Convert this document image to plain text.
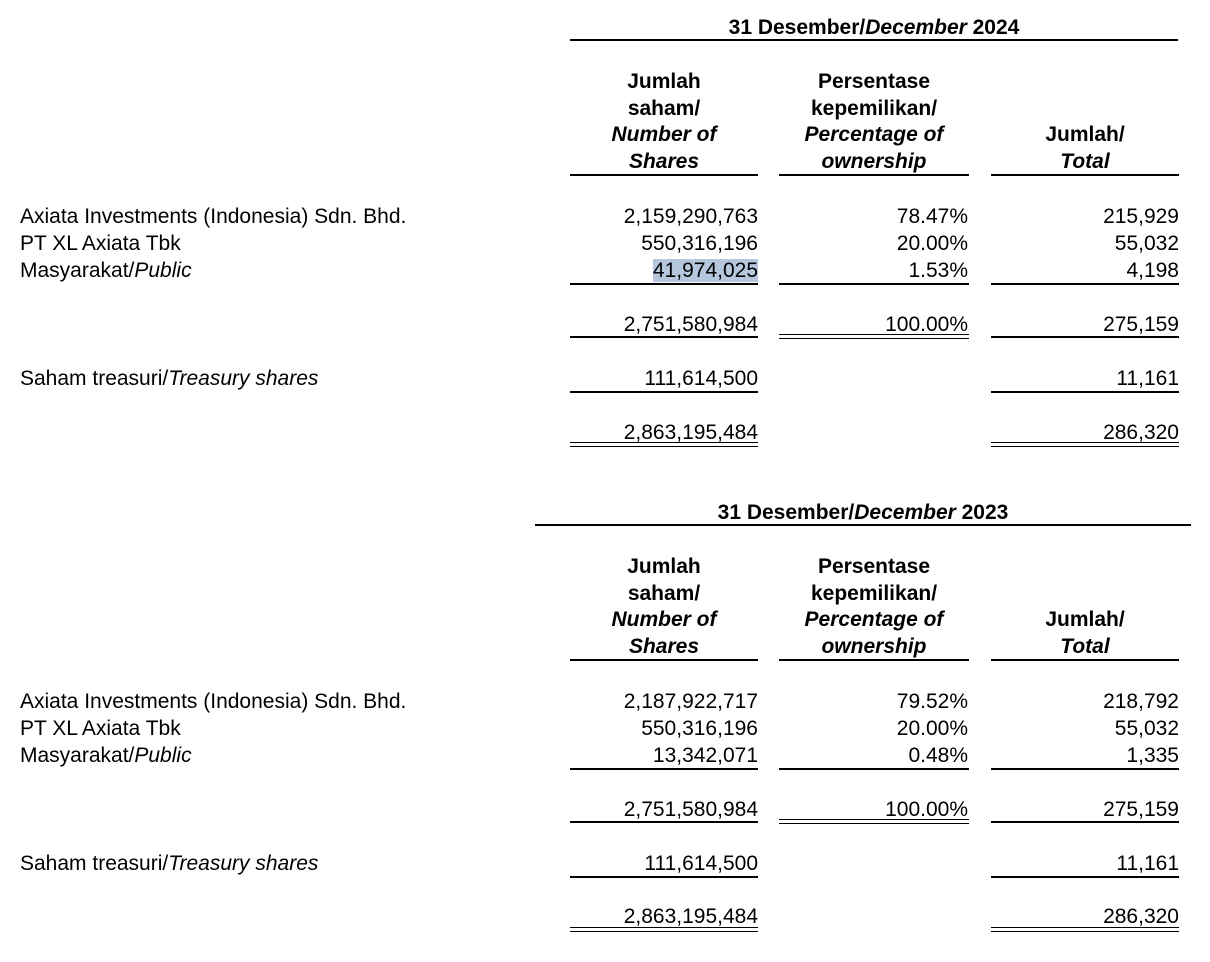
31 Desember/December 2024
Jumlah
saham/
Number of
Shares
Persentase
kepemilikan/
Percentage of
ownership
Jumlah/
Total
Axiata Investments (Indonesia) Sdn. Bhd.	2,159,290,763	78.47%	215,929
PT XL Axiata Tbk	550,316,196	20.00%	55,032
Masyarakat/Public	41,974,025	1.53%	4,198
2,751,580,984	100.00%	275,159
Saham treasuri/Treasury shares	111,614,500	11,161
2,863,195,484	286,320
31 Desember/December 2023
Jumlah
saham/
Number of
Shares
Persentase
kepemilikan/
Percentage of
ownership
Jumlah/
Total
Axiata Investments (Indonesia) Sdn. Bhd.	2,187,922,717	79.52%	218,792
PT XL Axiata Tbk	550,316,196	20.00%	55,032
Masyarakat/Public	13,342,071	0.48%	1,335
2,751,580,984	100.00%	275,159
Saham treasuri/Treasury shares	111,614,500	11,161
2,863,195,484	286,320
